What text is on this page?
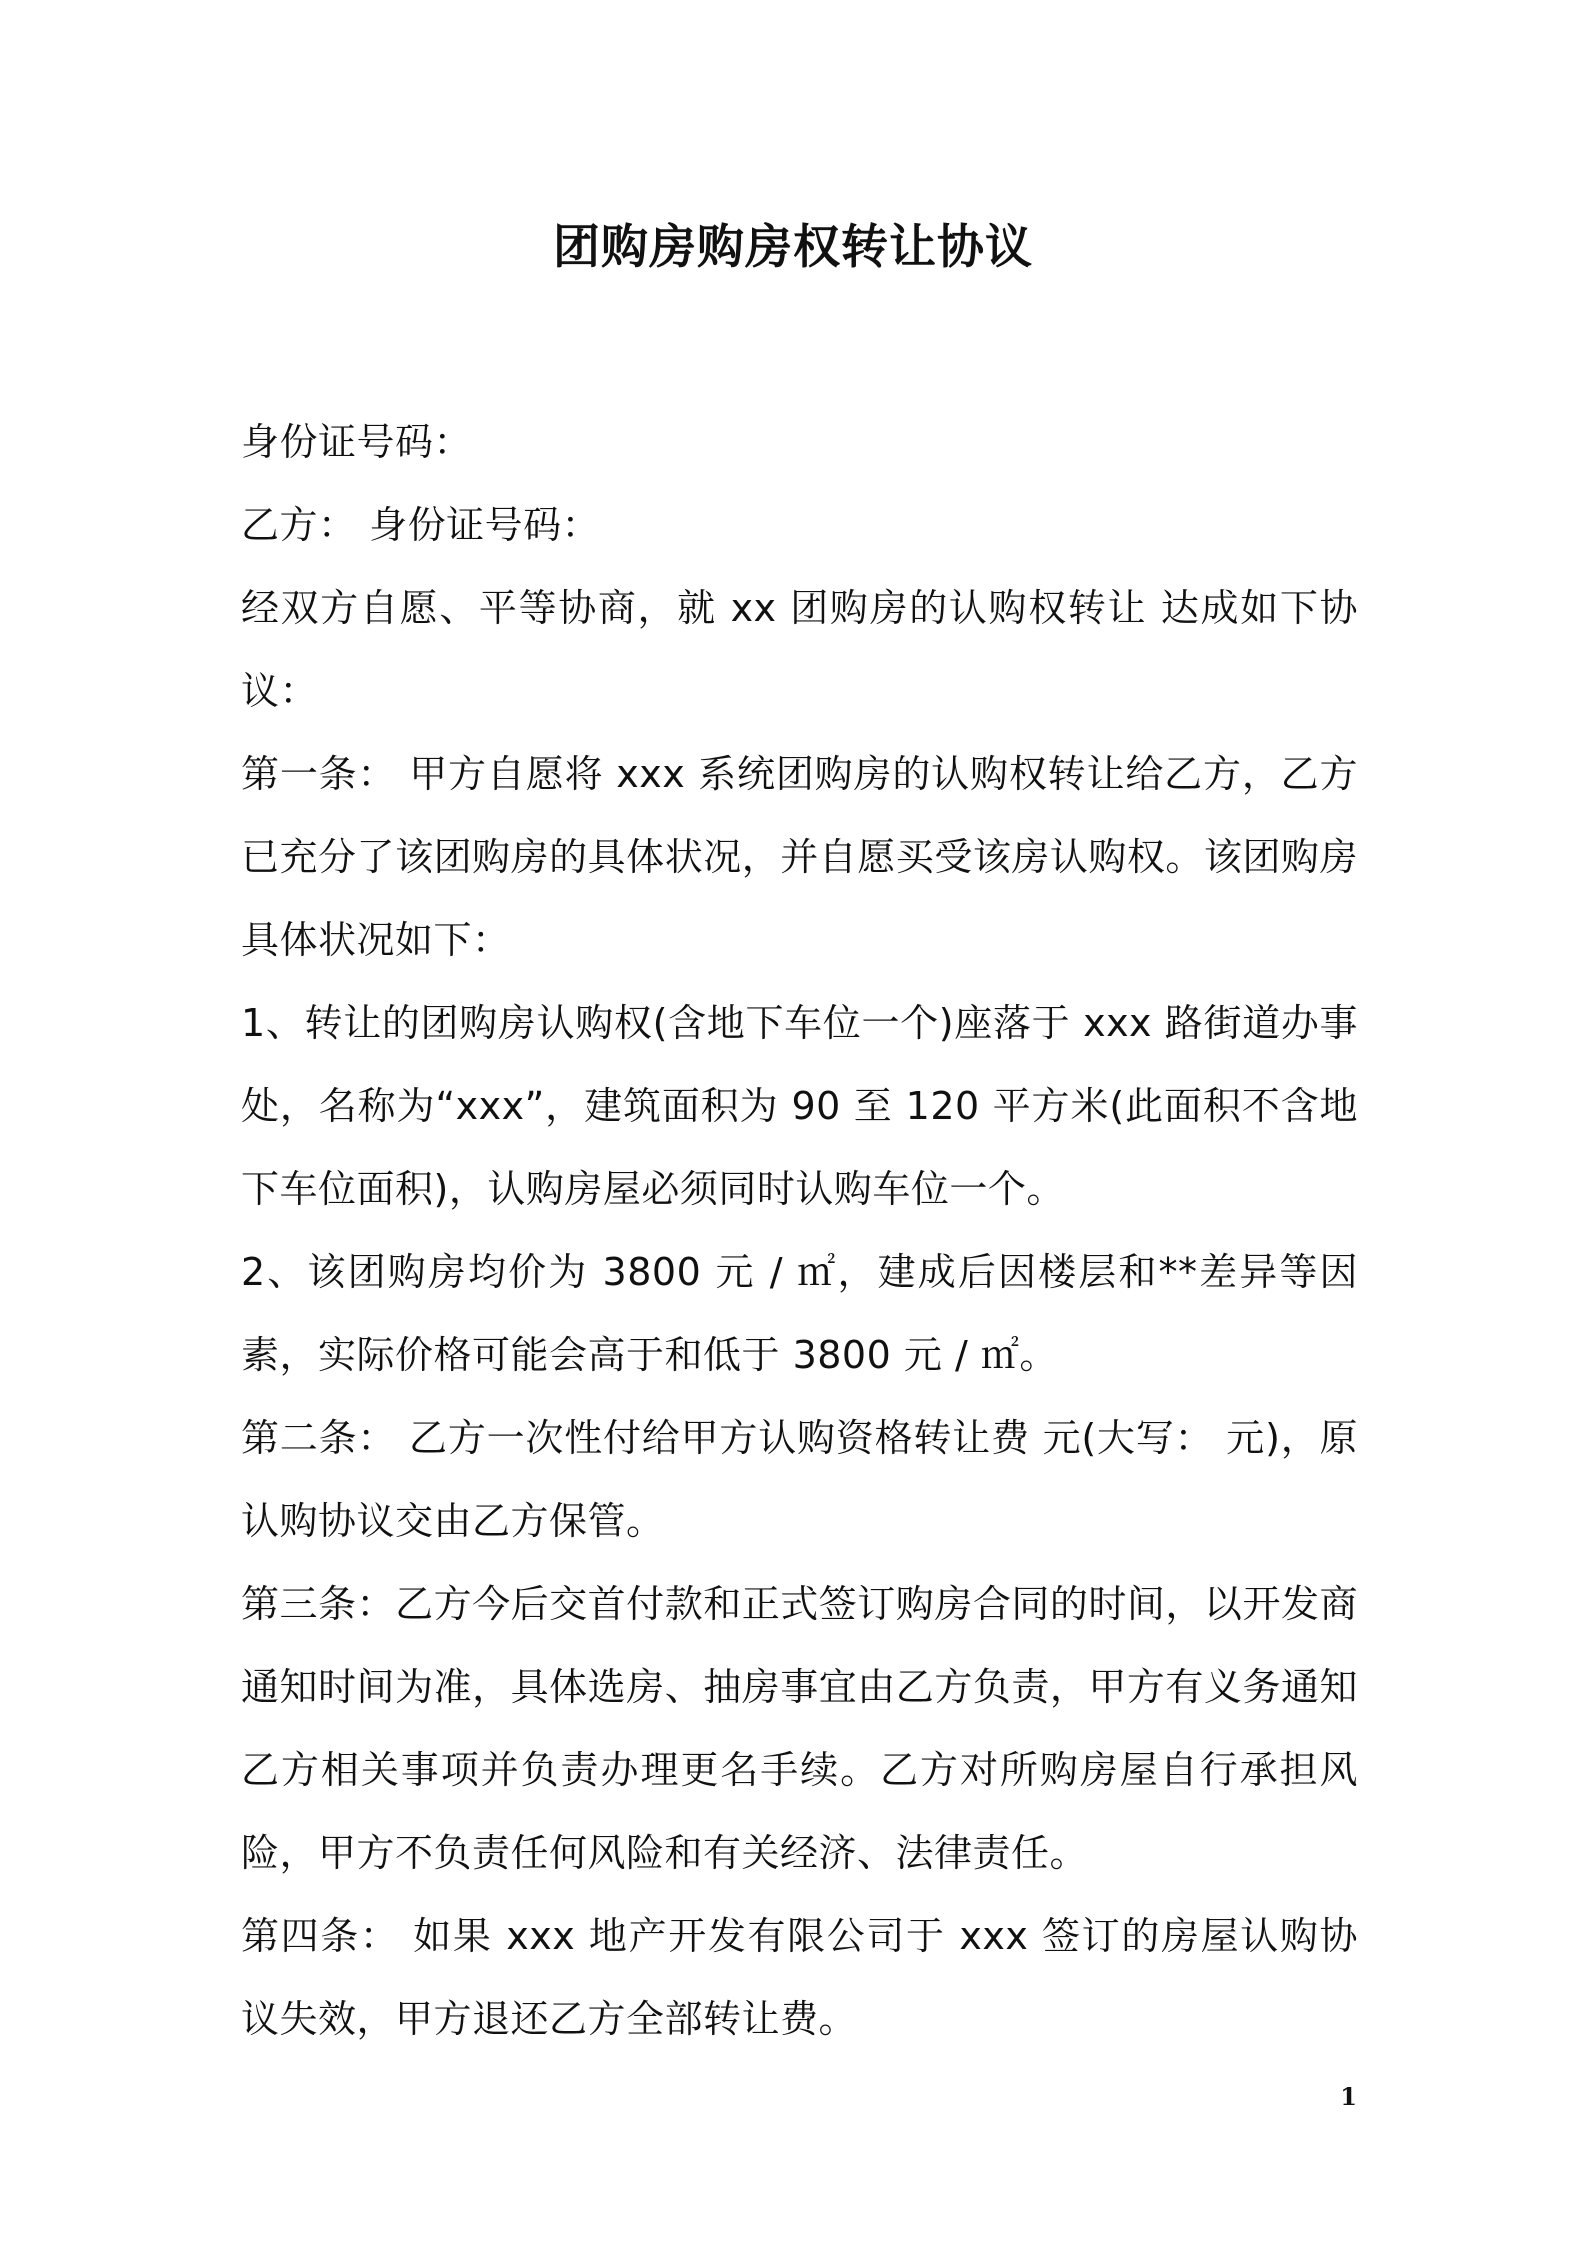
团购房购房权转让协议

身份证号码：

乙方： 身份证号码：

经双方自愿、平等协商，就 xx 团购房的认购权转让 达成如下协议：

第一条： 甲方自愿将 xxx 系统团购房的认购权转让给乙方，乙方已充分了该团购房的具体状况，并自愿买受该房认购权。该团购房具体状况如下：

1、转让的团购房认购权(含地下车位一个)座落于 xxx 路街道办事处，名称为“xxx”，建筑面积为 90 至 120 平方米(此面积不含地下车位面积)，认购房屋必须同时认购车位一个。

2、该团购房均价为 3800 元 / ㎡，建成后因楼层和**差异等因素，实际价格可能会高于和低于 3800 元 / ㎡。

第二条： 乙方一次性付给甲方认购资格转让费 元(大写： 元)，原认购协议交由乙方保管。

第三条：乙方今后交首付款和正式签订购房合同的时间，以开发商通知时间为准，具体选房、抽房事宜由乙方负责，甲方有义务通知乙方相关事项并负责办理更名手续。乙方对所购房屋自行承担风险，甲方不负责任何风险和有关经济、法律责任。

第四条： 如果 xxx 地产开发有限公司于 xxx 签订的房屋认购协议失效，甲方退还乙方全部转让费。

1
